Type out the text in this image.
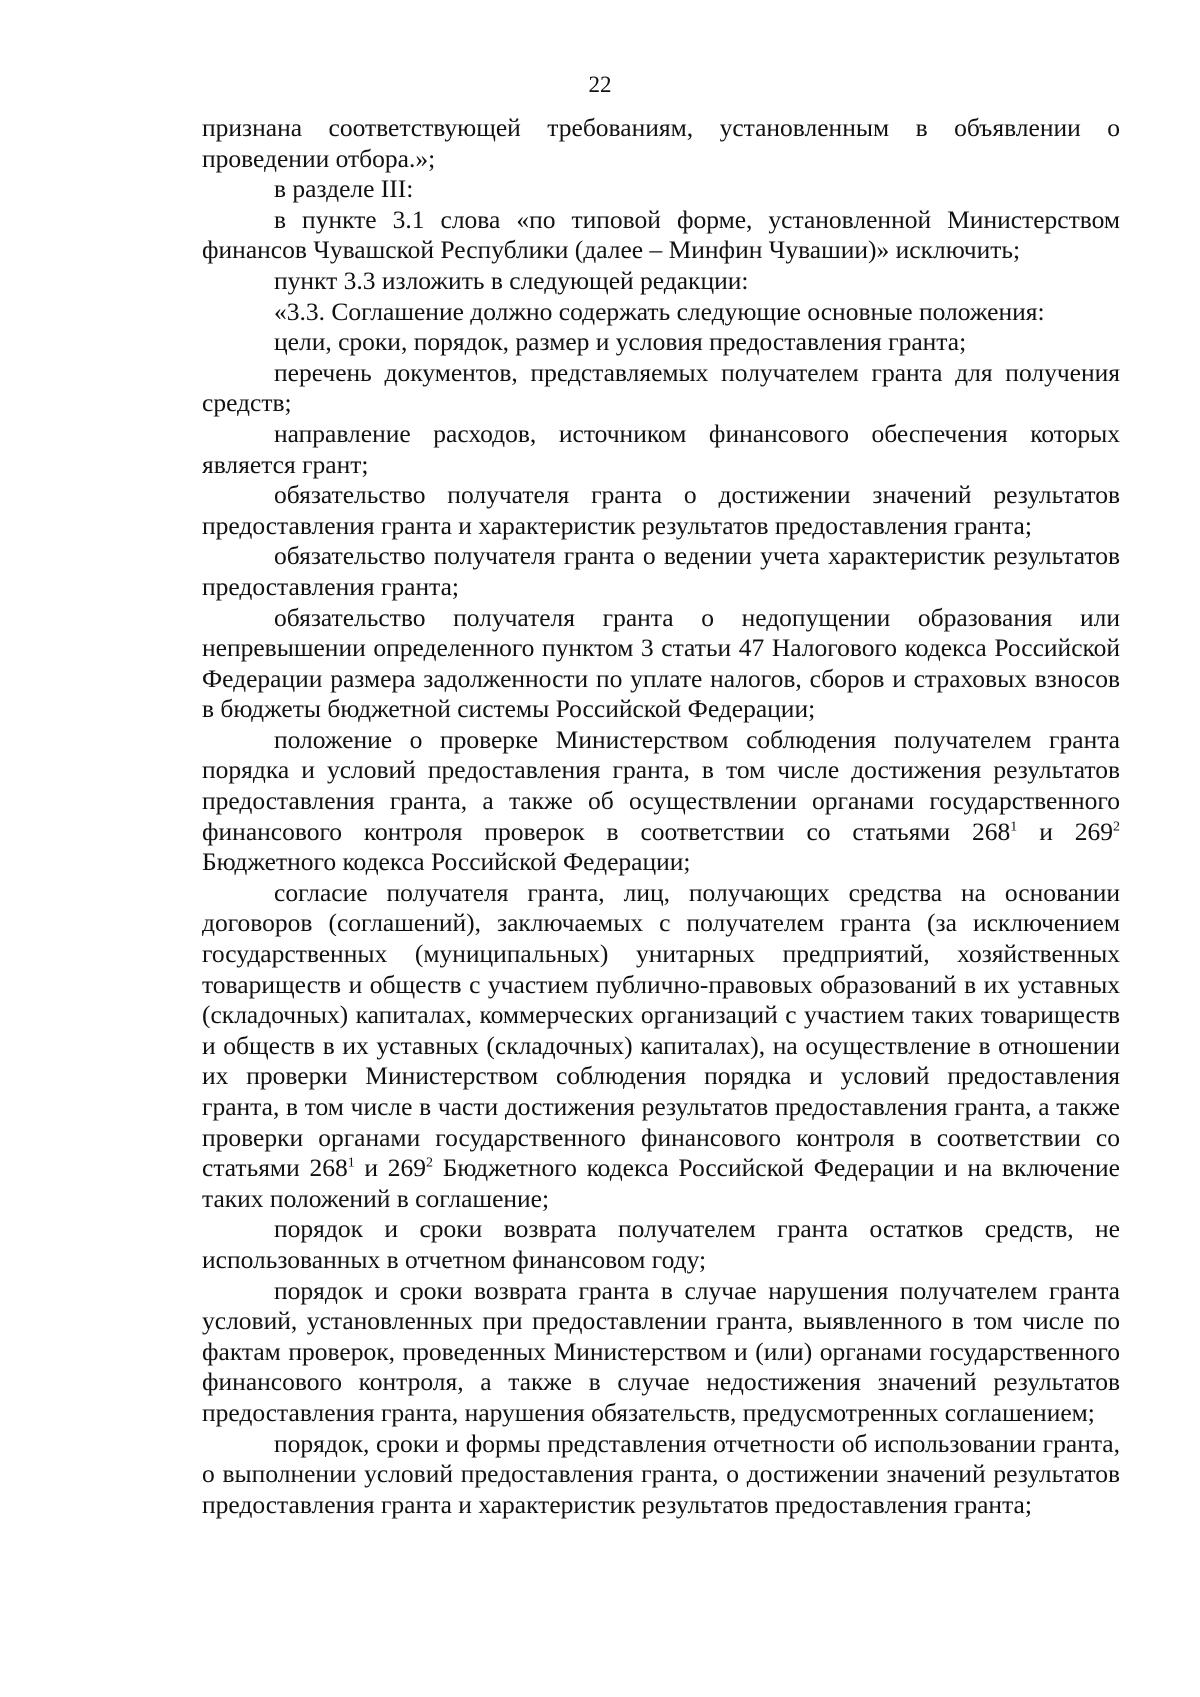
22

признана соответствующей требованиям, установленным в объявлении о проведении отбора.»;

в разделе III:

в пункте 3.1 слова «по типовой форме, установленной Министерством финансов Чувашской Республики (далее – Минфин Чувашии)» исключить;

пункт 3.3 изложить в следующей редакции:

«3.3. Соглашение должно содержать следующие основные положения:

цели, сроки, порядок, размер и условия предоставления гранта;

перечень документов, представляемых получателем гранта для получения средств;

направление расходов, источником финансового обеспечения которых является грант;

обязательство получателя гранта о достижении значений результатов предоставления гранта и характеристик результатов предоставления гранта;

обязательство получателя гранта о ведении учета характеристик результатов предоставления гранта;

обязательство получателя гранта о недопущении образования или непревышении определенного пунктом 3 статьи 47 Налогового кодекса Российской Федерации размера задолженности по уплате налогов, сборов и страховых взносов в бюджеты бюджетной системы Российской Федерации;

положение о проверке Министерством соблюдения получателем гранта порядка и условий предоставления гранта, в том числе достижения результатов предоставления гранта, а также об осуществлении органами государственного финансового контроля проверок в соответствии со статьями $268^1$ и $269^2$ Бюджетного кодекса Российской Федерации;

согласие получателя гранта, лиц, получающих средства на основании договоров (соглашений), заключаемых с получателем гранта (за исключением государственных (муниципальных) унитарных предприятий, хозяйственных товариществ и обществ с участием публично-правовых образований в их уставных (складочных) капиталах, коммерческих организаций с участием таких товариществ и обществ в их уставных (складочных) капиталах), на осуществление в отношении их проверки Министерством соблюдения порядка и условий предоставления гранта, в том числе в части достижения результатов предоставления гранта, а также проверки органами государственного финансового контроля в соответствии со статьями $268^1$ и $269^2$ Бюджетного кодекса Российской Федерации и на включение таких положений в соглашение;

порядок и сроки возврата получателем гранта остатков средств, не использованных в отчетном финансовом году;

порядок и сроки возврата гранта в случае нарушения получателем гранта условий, установленных при предоставлении гранта, выявленного в том числе по фактам проверок, проведенных Министерством и (или) органами государственного финансового контроля, а также в случае недостижения значений результатов предоставления гранта, нарушения обязательств, предусмотренных соглашением;

порядок, сроки и формы представления отчетности об использовании гранта, о выполнении условий предоставления гранта, о достижении значений результатов предоставления гранта и характеристик результатов предоставления гранта;
